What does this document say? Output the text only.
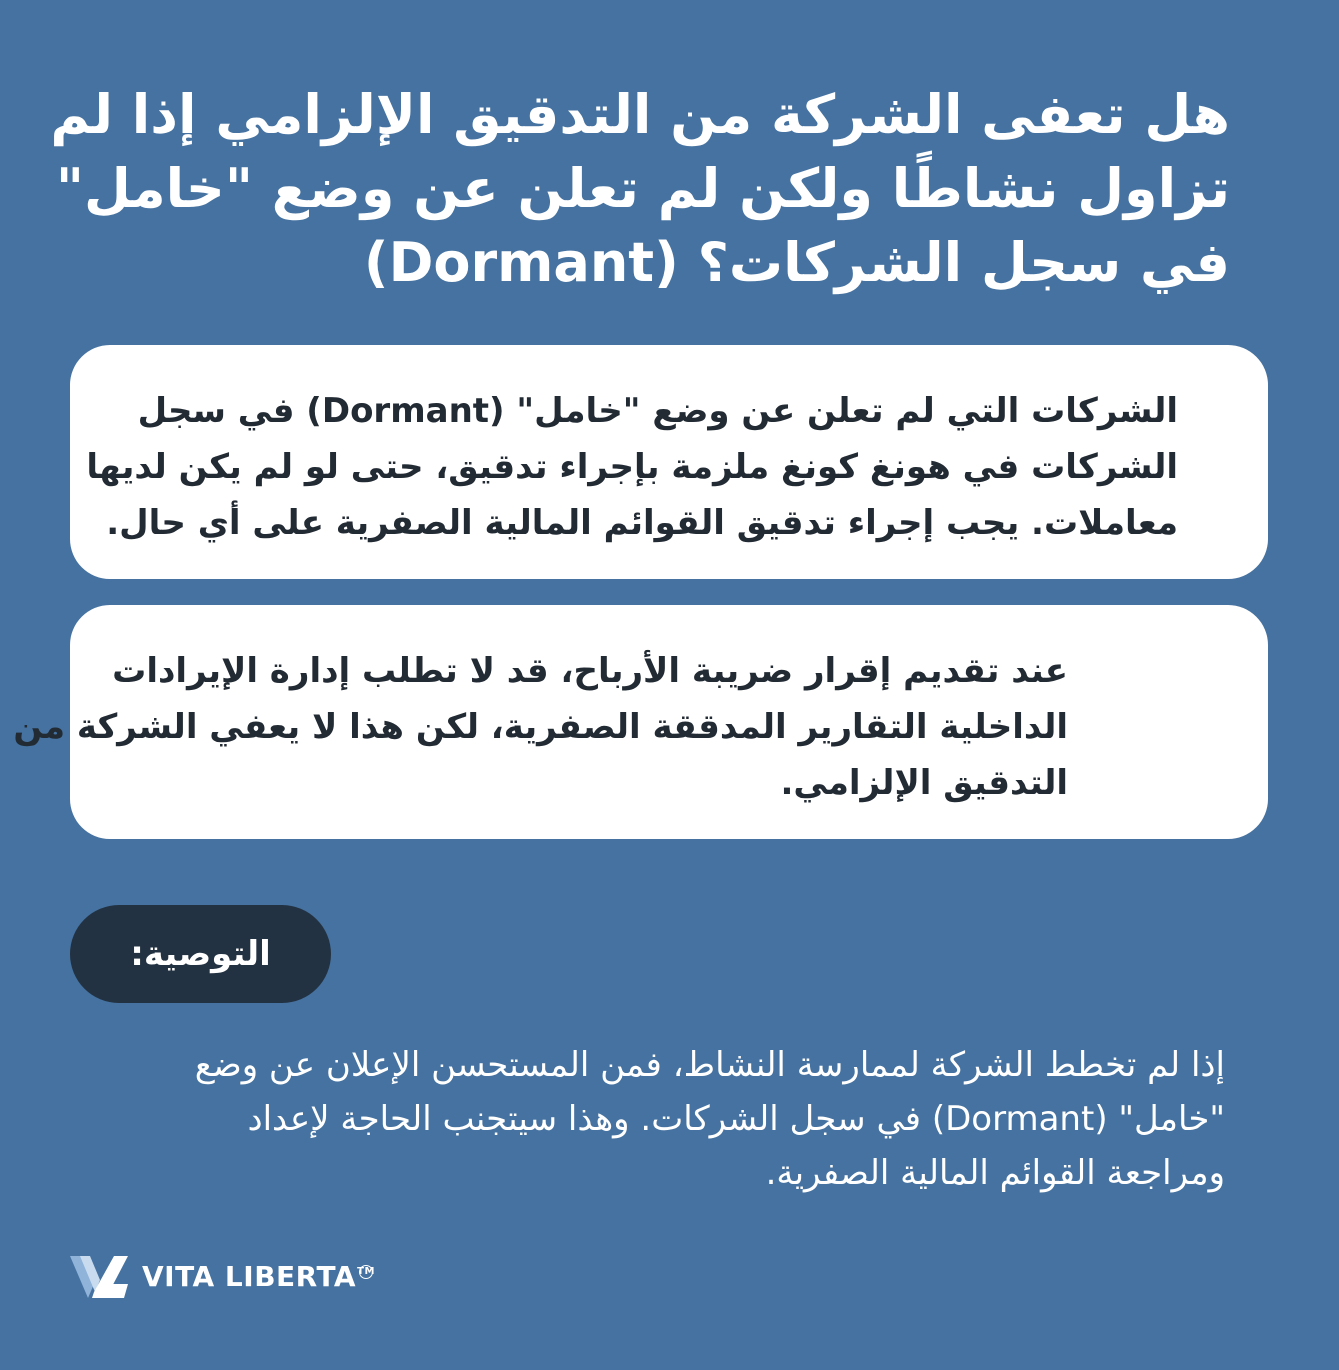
هل تعفى الشركة من التدقيق الإلزامي إذا لم
تزاول نشاطًا ولكن لم تعلن عن وضع "خامل"
في سجل الشركات؟ (Dormant)
الشركات التي لم تعلن عن وضع "خامل" (Dormant) في سجل
الشركات في هونغ كونغ ملزمة بإجراء تدقيق، حتى لو لم يكن لديها
معاملات. يجب إجراء تدقيق القوائم المالية الصفرية على أي حال.
عند تقديم إقرار ضريبة الأرباح، قد لا تطلب إدارة الإيرادات
الداخلية التقارير المدققة الصفرية، لكن هذا لا يعفي الشركة من
التدقيق الإلزامي.
التوصية:
إذا لم تخطط الشركة لممارسة النشاط، فمن المستحسن الإعلان عن وضع
"خامل" (Dormant) في سجل الشركات. وهذا سيتجنب الحاجة لإعداد
ومراجعة القوائم المالية الصفرية.
VITA LIBERTATM
